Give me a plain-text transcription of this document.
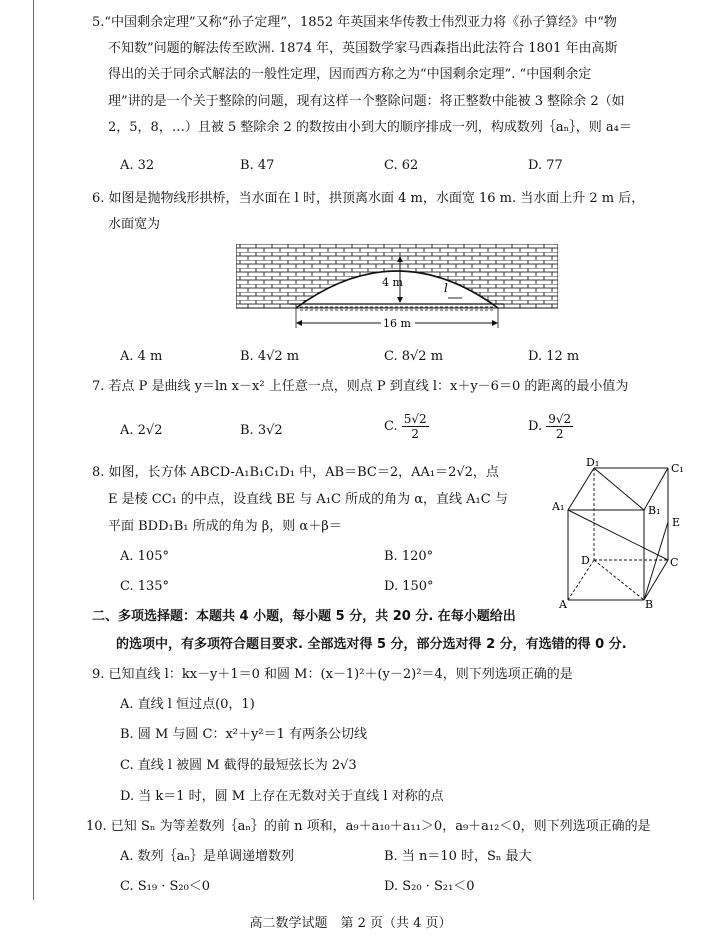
5.“中国剩余定理”又称“孙子定理”，1852 年英国来华传教士伟烈亚力将《孙子算经》中“物
不知数”问题的解法传至欧洲. 1874 年，英国数学家马西森指出此法符合 1801 年由高斯
得出的关于同余式解法的一般性定理，因而西方称之为“中国剩余定理”. “中国剩余定
理”讲的是一个关于整除的问题，现有这样一个整除问题：将正整数中能被 3 整除余 2（如
2，5，8，…）且被 5 整除余 2 的数按由小到大的顺序排成一列，构成数列｛aₙ｝，则 a₄＝
A. 32	B. 47	C. 62	D. 77
6. 如图是抛物线形拱桥，当水面在 l 时，拱顶离水面 4 m，水面宽 16 m. 当水面上升 2 m 后，
水面宽为
4 m	l
16 m
A. 4 m	B. 4√2 m	C. 8√2 m	D. 12 m
7. 若点 P 是曲线 y＝ln x－x² 上任意一点，则点 P 到直线 l：x＋y－6＝0 的距离的最小值为
A. 2√2	B. 3√2	C. $\frac{5√2}{2}$	D. $\frac{9√2}{2}$
8. 如图，长方体 ABCD-A₁B₁C₁D₁ 中，AB＝BC＝2，AA₁＝2√2，点
E 是棱 CC₁ 的中点，设直线 BE 与 A₁C 所成的角为 α，直线 A₁C 与
平面 BDD₁B₁ 所成的角为 β，则 α＋β＝
A. 105°	B. 120°
C. 135°	D. 150°
D₁	C₁
A₁	B₁
E
D	C
A	B
二、多项选择题：本题共 4 小题，每小题 5 分，共 20 分. 在每小题给出
的选项中，有多项符合题目要求. 全部选对得 5 分，部分选对得 2 分，有选错的得 0 分.
9. 已知直线 l：kx－y＋1＝0 和圆 M：(x－1)²＋(y－2)²＝4，则下列选项正确的是
A. 直线 l 恒过点(0，1)
B. 圆 M 与圆 C：x²＋y²＝1 有两条公切线
C. 直线 l 被圆 M 截得的最短弦长为 2√3
D. 当 k＝1 时，圆 M 上存在无数对关于直线 l 对称的点
10. 已知 Sₙ 为等差数列｛aₙ｝的前 n 项和，a₉＋a₁₀＋a₁₁＞0，a₉＋a₁₂＜0，则下列选项正确的是
A. 数列｛aₙ｝是单调递增数列	B. 当 n＝10 时，Sₙ 最大
C. S₁₉ · S₂₀＜0	D. S₂₀ · S₂₁＜0
高二数学试题　第 2 页（共 4 页）
